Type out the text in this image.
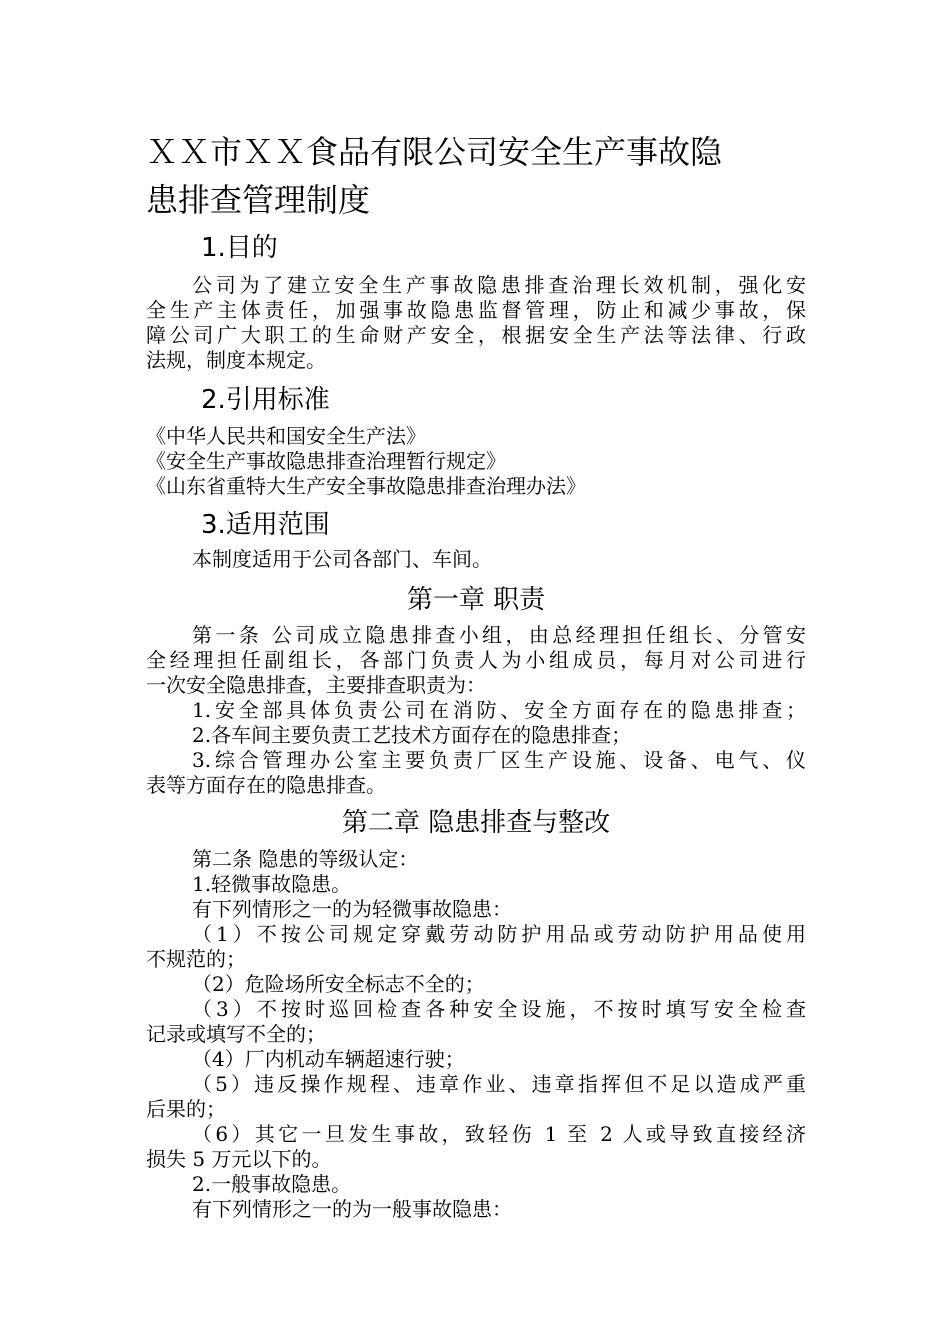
ＸＸ市ＸＸ食品有限公司安全生产事故隐
患排查管理制度
1.目的

公司为了建立安全生产事故隐患排查治理长效机制，强化安

全生产主体责任，加强事故隐患监督管理，防止和减少事故，保

障公司广大职工的生命财产安全，根据安全生产法等法律、行政

法规，制度本规定。

2.引用标准

《中华人民共和国安全生产法》

《安全生产事故隐患排查治理暂行规定》

《山东省重特大生产安全事故隐患排查治理办法》

3.适用范围

本制度适用于公司各部门、车间。

第一章 职责

第一条 公司成立隐患排查小组，由总经理担任组长、分管安

全经理担任副组长，各部门负责人为小组成员，每月对公司进行

一次安全隐患排查，主要排查职责为：

1.安全部具体负责公司在消防、安全方面存在的隐患排查；

2.各车间主要负责工艺技术方面存在的隐患排查；

3.综合管理办公室主要负责厂区生产设施、设备、电气、仪

表等方面存在的隐患排查。

第二章 隐患排查与整改

第二条 隐患的等级认定：

1.轻微事故隐患。

有下列情形之一的为轻微事故隐患：

（1）不按公司规定穿戴劳动防护用品或劳动防护用品使用

不规范的；

（2）危险场所安全标志不全的；

（3）不按时巡回检查各种安全设施，不按时填写安全检查

记录或填写不全的；

（4）厂内机动车辆超速行驶；

（5）违反操作规程、违章作业、违章指挥但不足以造成严重

后果的；

（6）其它一旦发生事故，致轻伤 1 至 2 人或导致直接经济

损失 5 万元以下的。

2.一般事故隐患。

有下列情形之一的为一般事故隐患：
